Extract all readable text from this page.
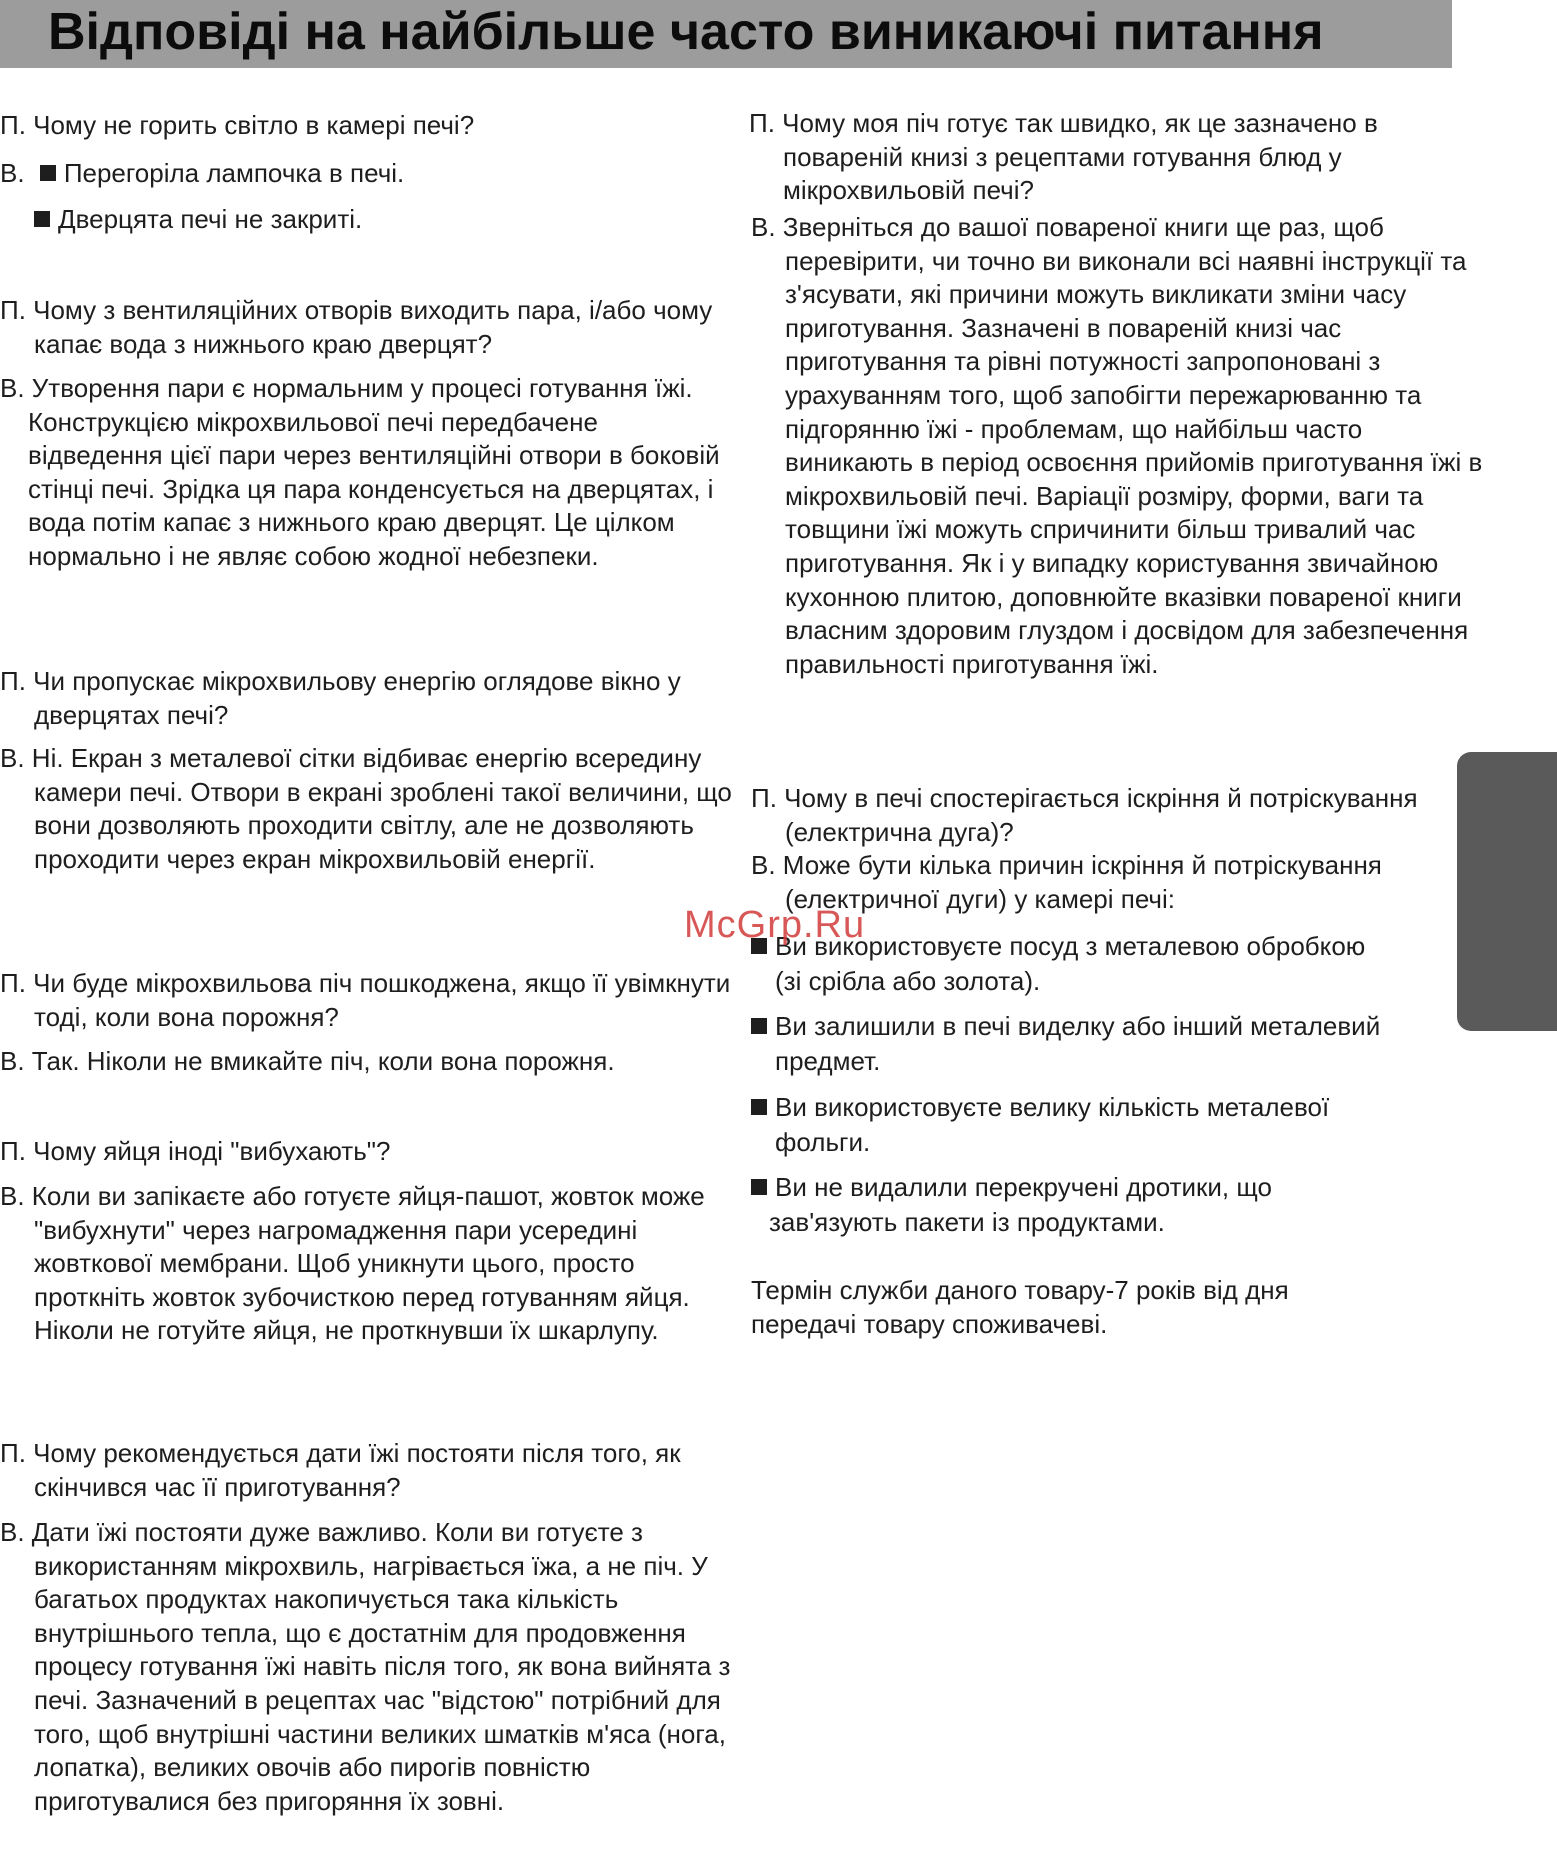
Відповіді на найбільше часто виникаючі питання

П. Чому не горить світло в камері печі?

В. Перегоріла лампочка в печі.
Дверцята печі не закриті.

П. Чому з вентиляційних отворів виходить пара, і/або чому капає вода з нижнього краю дверцят?

В. Утворення пари є нормальним у процесі готування їжі. Конструкцією мікрохвильової печі передбачене відведення цієї пари через вентиляційні отвори в боковій стінці печі. Зрідка ця пара конденсується на дверцятах, і вода потім капає з нижнього краю дверцят. Це цілком нормально і не являє собою жодної небезпеки.

П. Чи пропускає мікрохвильову енергію оглядове вікно у дверцятах печі?

В. Ні. Екран з металевої сітки відбиває енергію всередину камери печі. Отвори в екрані зроблені такої величини, що вони дозволяють проходити світлу, але не дозволяють проходити через екран мікрохвильовій енергії.

П. Чи буде мікрохвильова піч пошкоджена, якщо її увімкнути тоді, коли вона порожня?

В. Так. Ніколи не вмикайте піч, коли вона порожня.

П. Чому яйця іноді "вибухають"?

В. Коли ви запікаєте або готуєте яйця-пашот, жовток може "вибухнути" через нагромадження пари усередині жовткової мембрани. Щоб уникнути цього, просто проткніть жовток зубочисткою перед готуванням яйця. Ніколи не готуйте яйця, не проткнувши їх шкарлупу.

П. Чому рекомендується дати їжі постояти після того, як скінчився час її приготування?

В. Дати їжі постояти дуже важливо. Коли ви готуєте з використанням мікрохвиль, нагрівається їжа, а не піч. У багатьох продуктах накопичується така кількість внутрішнього тепла, що є достатнім для продовження процесу готування їжі навіть після того, як вона вийнята з печі. Зазначений в рецептах час "відстою" потрібний для того, щоб внутрішні частини великих шматків м'яса (нога, лопатка), великих овочів або пирогів повністю приготувалися без пригоряння їх зовні.

П. Чому моя піч готує так швидко, як це зазначено в повареній книзі з рецептами готування блюд у мікрохвильовій печі?

В. Зверніться до вашої повареної книги ще раз, щоб перевірити, чи точно ви виконали всі наявні інструкції та з'ясувати, які причини можуть викликати зміни часу приготування. Зазначені в повареній книзі час приготування та рівні потужності запропоновані з урахуванням того, щоб запобігти пережарюванню та підгорянню їжі - проблемам, що найбільш часто виникають в період освоєння прийомів приготування їжі в мікрохвильовій печі. Варіації розміру, форми, ваги та товщини їжі можуть спричинити більш тривалий час приготування. Як і у випадку користування звичайною кухонною плитою, доповнюйте вказівки повареної книги власним здоровим глуздом і досвідом для забезпечення правильності приготування їжі.

П. Чому в печі спостерігається іскріння й потріскування (електрична дуга)?

В. Може бути кілька причин іскріння й потріскування (електричної дуги) у камері печі:

Ви використовуєте посуд з металевою обробкою
(зі срібла або золота).
Ви залишили в печі виделку або інший металевий
предмет.
Ви використовуєте велику кількість металевої
фольги.
Ви не видалили перекручені дротики, що
зав'язують пакети із продуктами.
Термін служби даного товару-7 років від дня
передачі товару споживачеві.
McGrp.Ru
